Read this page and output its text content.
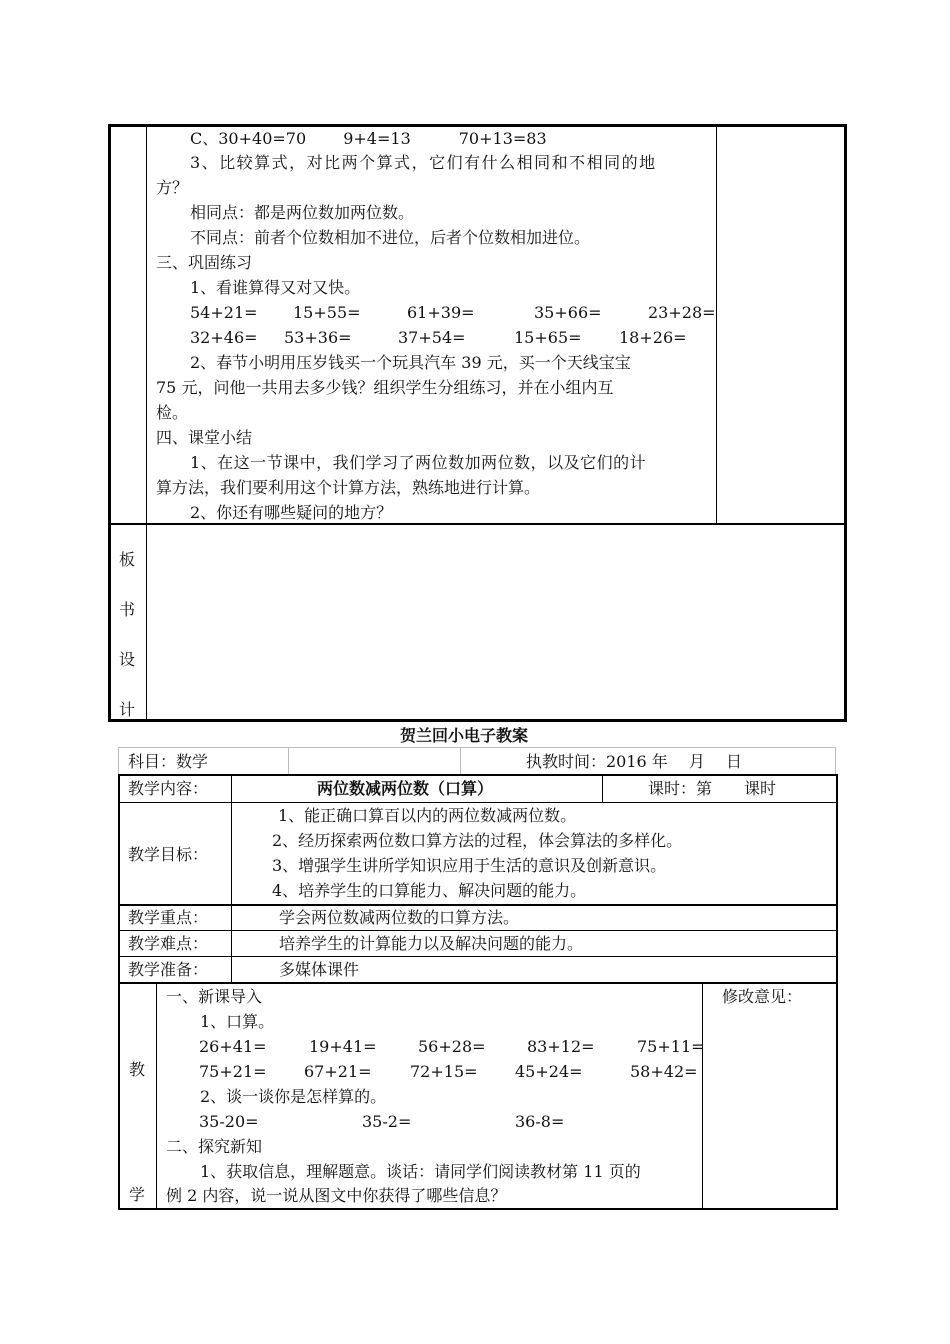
C、30+40=70　　 9+4=13　　　70+13=83
3、比较算式，对比两个算式，它们有什么相同和不相同的地
方？
相同点：都是两位数加两位数。
不同点：前者个位数相加不进位，后者个位数相加进位。
三、巩固练习
1、看谁算得又对又快。
54+21= 15+55=	61+39=	35+66=	23+28=
32+46= 53+36=	37+54=	15+65= 18+26=
2、春节小明用压岁钱买一个玩具汽车 39 元，买一个天线宝宝
75 元，问他一共用去多少钱？组织学生分组练习，并在小组内互
检。
四、课堂小结
1、在这一节课中，我们学习了两位数加两位数，以及它们的计
算方法，我们要利用这个计算方法，熟练地进行计算。
2、你还有哪些疑问的地方？
板
书
设
计
贺兰回小电子教案
科目：数学	执教时间：2016 年　 月　 日
教学内容：	两位数减两位数（口算）	课时：第　　课时
教学目标：
1、能正确口算百以内的两位数减两位数。
2、经历探索两位数口算方法的过程，体会算法的多样化。
3、增强学生讲所学知识应用于生活的意识及创新意识。
4、培养学生的口算能力、解决问题的能力。
教学重点：	学会两位数减两位数的口算方法。
教学难点：	培养学生的计算能力以及解决问题的能力。
教学准备：	多媒体课件
教
学
修改意见：
一、新课导入
1、口算。
26+41=	19+41=	56+28=	83+12=	75+11=
75+21= 67+21= 72+15= 45+24=	58+42=
2、谈一谈你是怎样算的。
35-20=	35-2=	36-8=
二、探究新知
1、获取信息，理解题意。谈话：请同学们阅读教材第 11 页的
例 2 内容，说一说从图文中你获得了哪些信息？
